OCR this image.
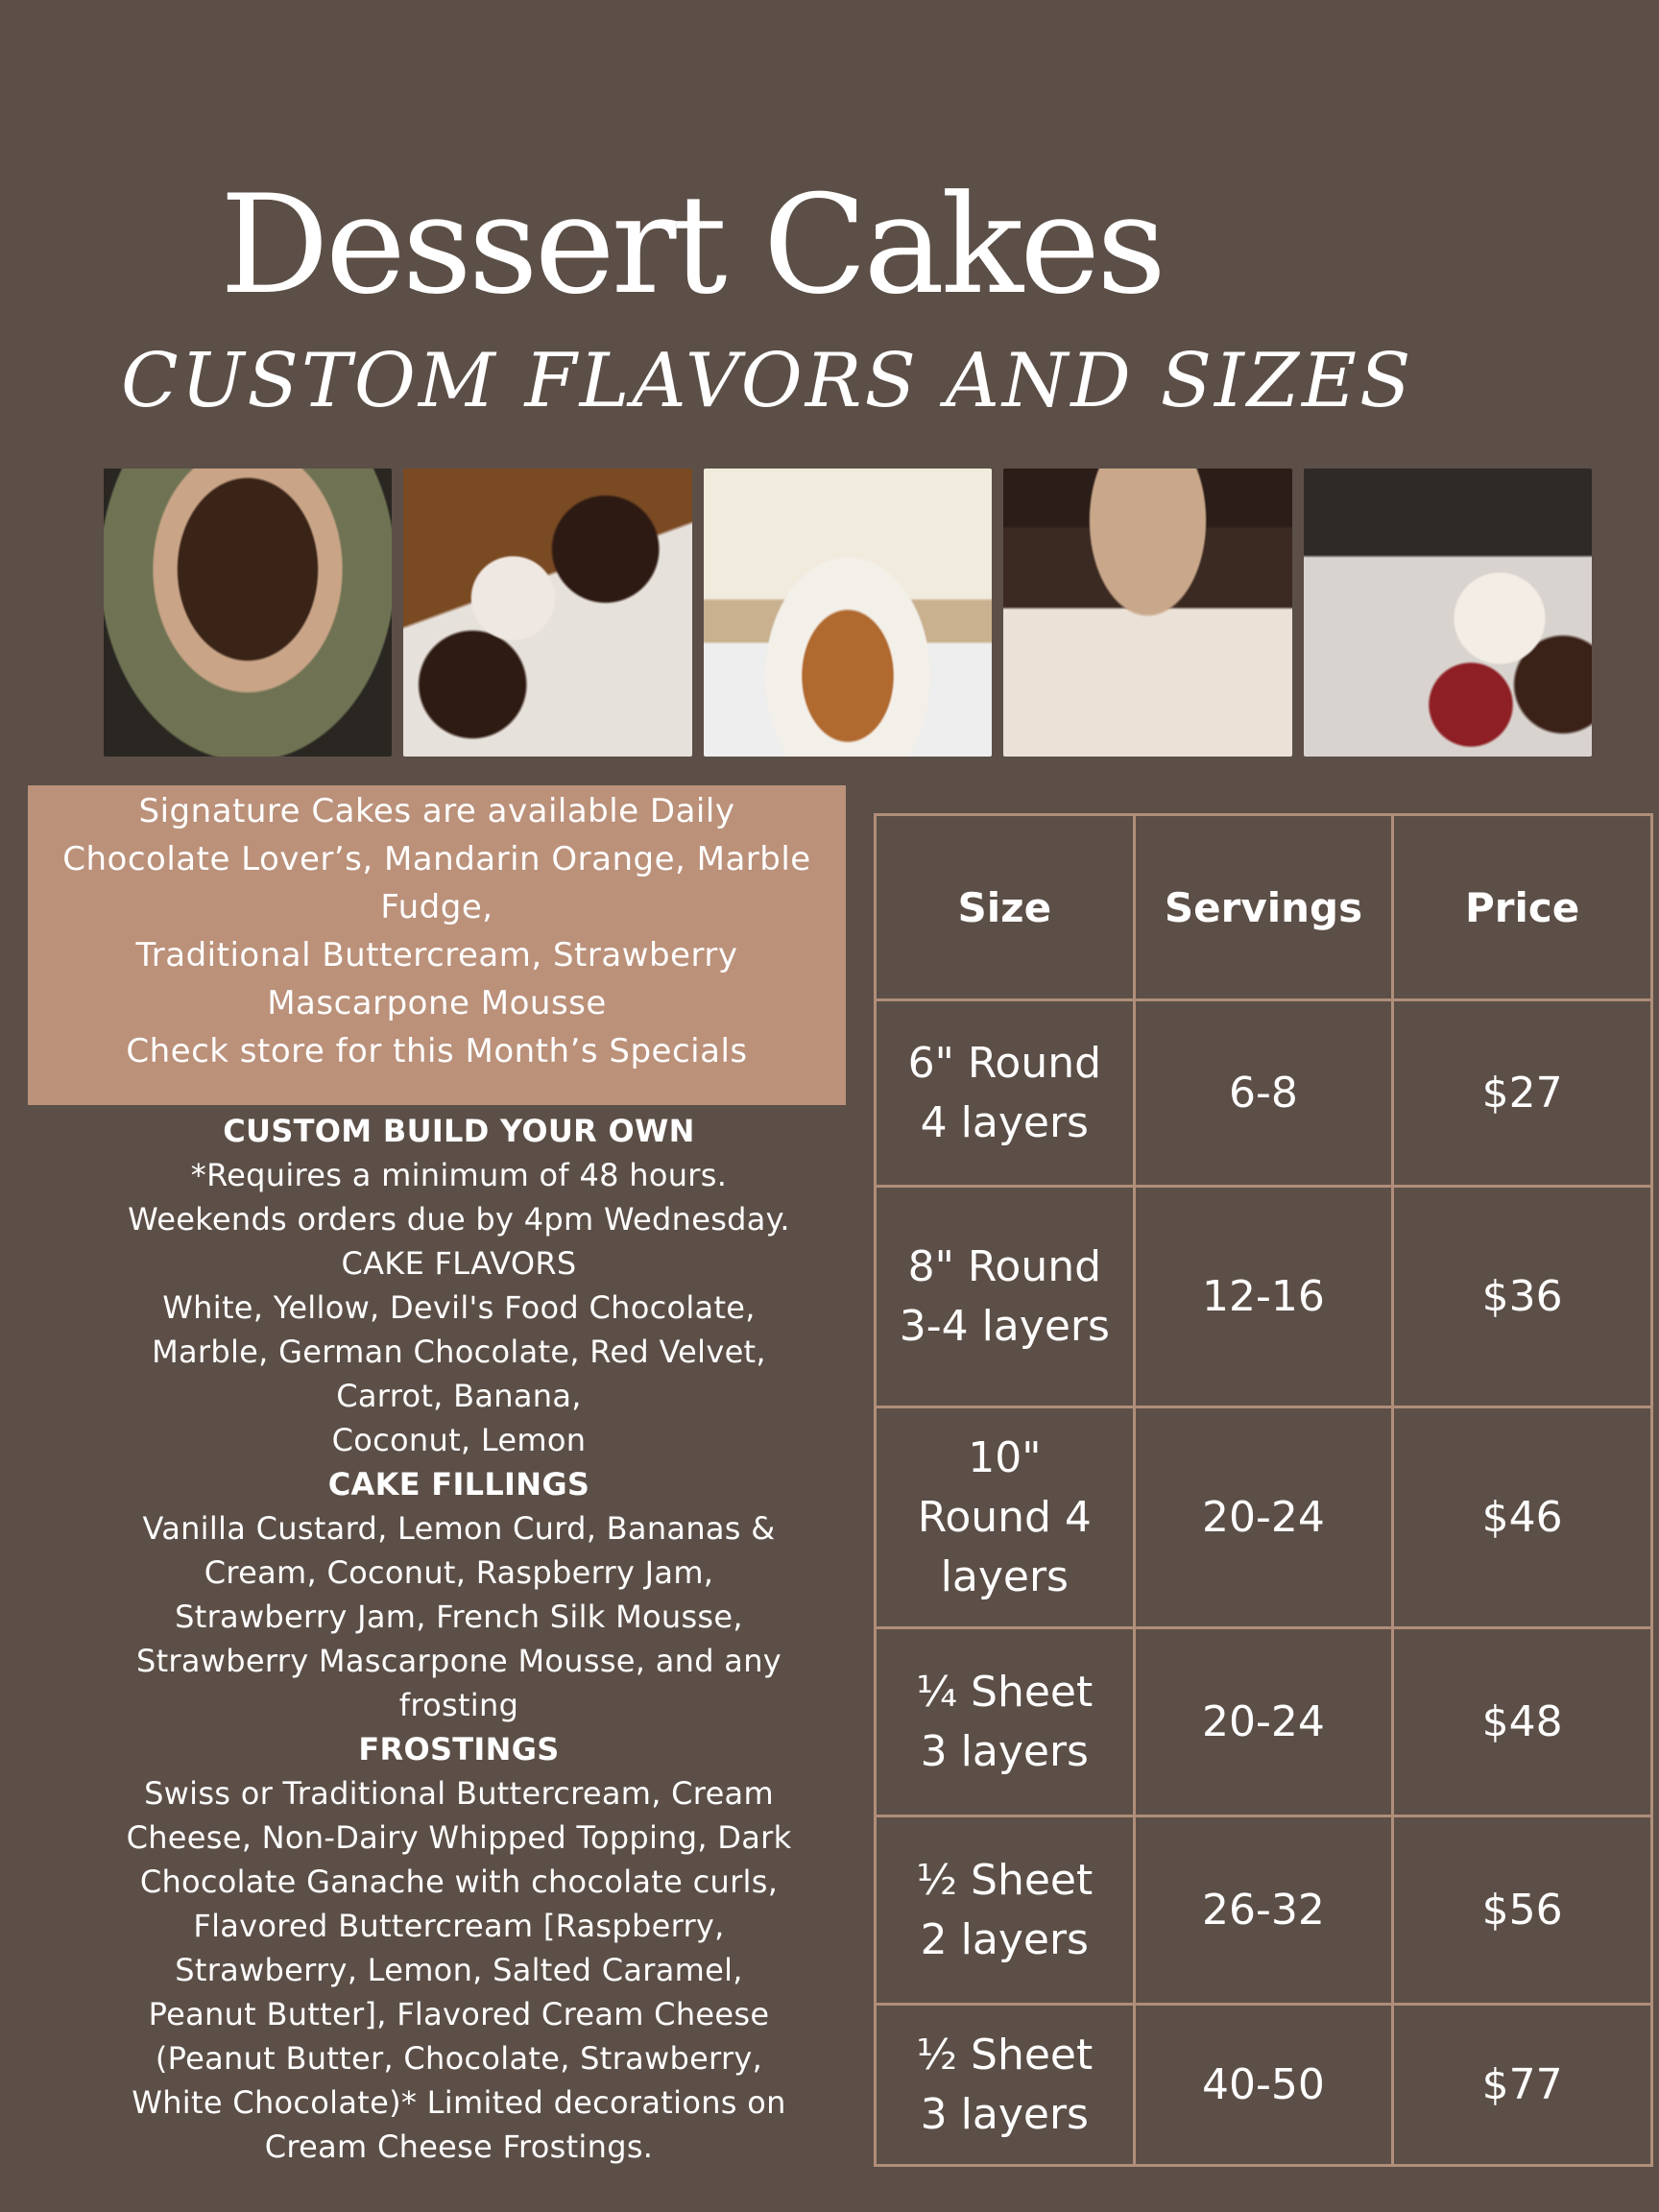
Dessert Cakes
CUSTOM FLAVORS AND SIZES
Signature Cakes are available Daily
Chocolate Lover’s, Mandarin Orange, Marble
Fudge,
Traditional Buttercream, Strawberry
Mascarpone Mousse
Check store for this Month’s Specials
CUSTOM BUILD YOUR OWN
*Requires a minimum of 48 hours.
Weekends orders due by 4pm Wednesday.
CAKE FLAVORS
White, Yellow, Devil's Food Chocolate,
Marble, German Chocolate, Red Velvet,
Carrot, Banana,
Coconut, Lemon
CAKE FILLINGS
Vanilla Custard, Lemon Curd, Bananas &
Cream, Coconut, Raspberry Jam,
Strawberry Jam, French Silk Mousse,
Strawberry Mascarpone Mousse, and any
frosting
FROSTINGS
Swiss or Traditional Buttercream, Cream
Cheese, Non-Dairy Whipped Topping, Dark
Chocolate Ganache with chocolate curls,
Flavored Buttercream [Raspberry,
Strawberry, Lemon, Salted Caramel,
Peanut Butter], Flavored Cream Cheese
(Peanut Butter, Chocolate, Strawberry,
White Chocolate)* Limited decorations on
Cream Cheese Frostings.
Size	Servings	Price

6" Round
4 layers	6-8	$27

8" Round
3-4 layers	12-16	$36

10"
Round 4
layers	20-24	$46

¼ Sheet
3 layers	20-24	$48

½ Sheet
2 layers	26-32	$56

½ Sheet
3 layers	40-50	$77
